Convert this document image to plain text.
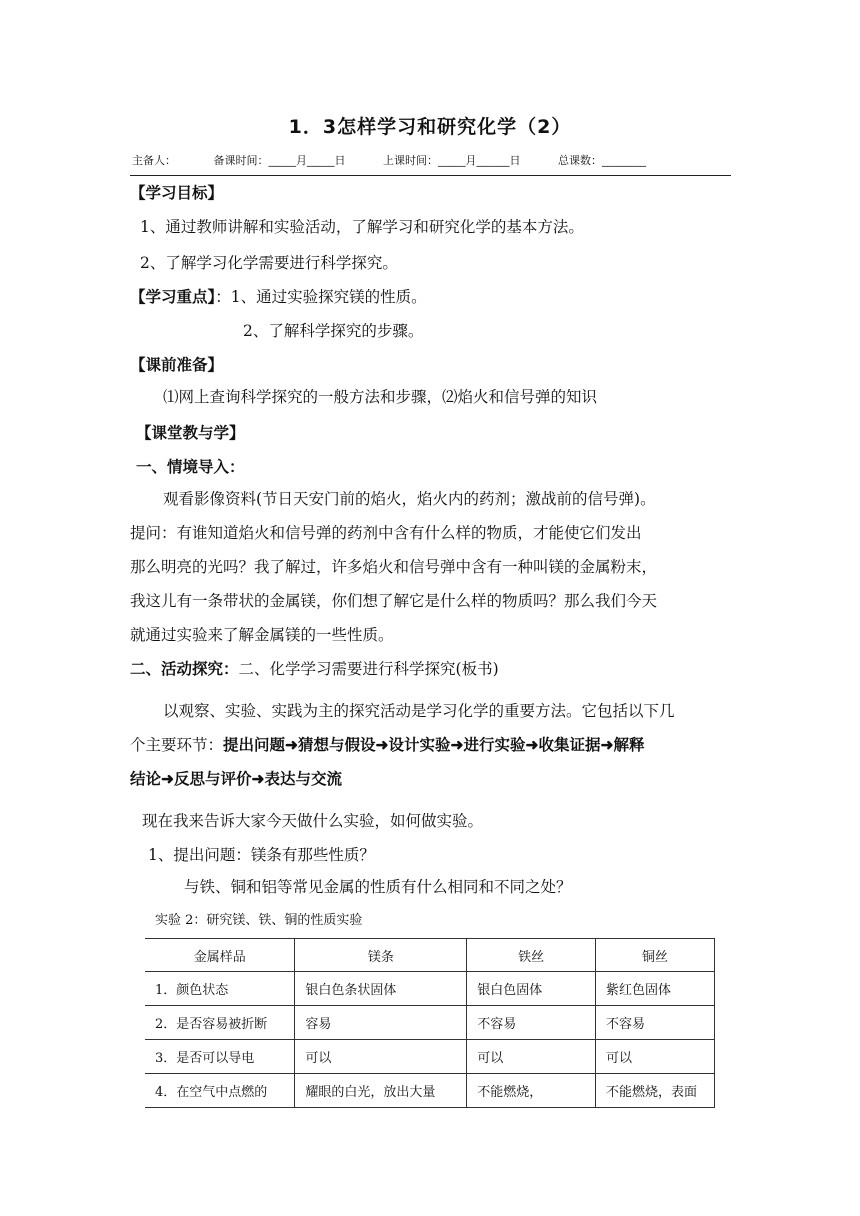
1．3怎样学习和研究化学（2）
主备人：	备课时间：_____月_____日	上课时间：_____月______日	总课数：________
【学习目标】
1、通过教师讲解和实验活动，了解学习和研究化学的基本方法。
2、了解学习化学需要进行科学探究。
【学习重点】：1、通过实验探究镁的性质。
2、了解科学探究的步骤。
【课前准备】
⑴网上查询科学探究的一般方法和步骤，⑵焰火和信号弹的知识
【课堂教与学】
一、情境导入：
观看影像资料(节日天安门前的焰火，焰火内的药剂；激战前的信号弹)。
提问：有谁知道焰火和信号弹的药剂中含有什么样的物质，才能使它们发出
那么明亮的光吗？我了解过，许多焰火和信号弹中含有一种叫镁的金属粉末，
我这儿有一条带状的金属镁，你们想了解它是什么样的物质吗？那么我们今天
就通过实验来了解金属镁的一些性质。
二、活动探究：二、化学学习需要进行科学探究(板书)
以观察、实验、实践为主的探究活动是学习化学的重要方法。它包括以下几
个主要环节：提出问题➜猜想与假设➜设计实验➜进行实验➜收集证据➜解释
结论➜反思与评价➜表达与交流
现在我来告诉大家今天做什么实验，如何做实验。
1、提出问题：镁条有那些性质？
与铁、铜和铝等常见金属的性质有什么相同和不同之处？
实验 2：研究镁、铁、铜的性质实验
金属样品	镁条	铁丝	铜丝
1．颜色状态	银白色条状固体	银白色固体	紫红色固体
2．是否容易被折断	容易	不容易	不容易
3．是否可以导电	可以	可以	可以
4．在空气中点燃的	耀眼的白光，放出大量	不能燃烧，	不能燃烧，表面
